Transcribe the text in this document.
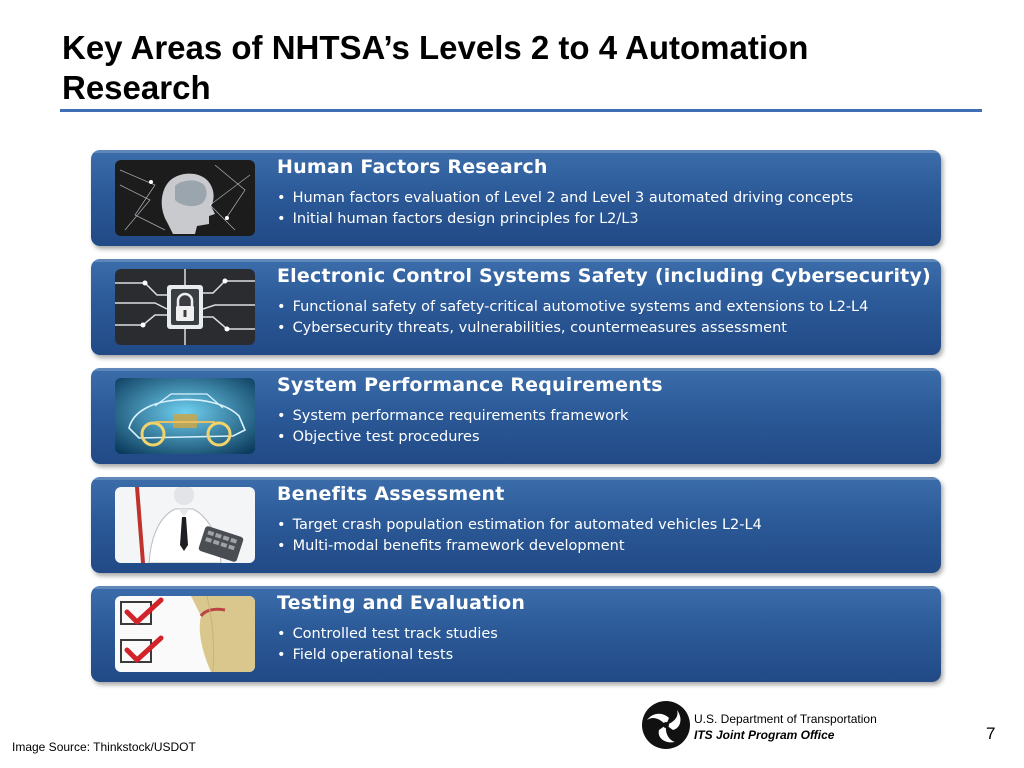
Key Areas of NHTSA’s Levels 2 to 4 Automation Research
Human Factors Research
• Human factors evaluation of Level 2 and Level 3 automated driving concepts
• Initial human factors design principles for L2/L3
Electronic Control Systems Safety (including Cybersecurity)
• Functional safety of safety-critical automotive systems and extensions to L2-L4
• Cybersecurity threats, vulnerabilities, countermeasures assessment
System Performance Requirements
• System performance requirements framework
• Objective test procedures
Benefits Assessment
• Target crash population estimation for automated vehicles L2-L4
• Multi-modal benefits framework development
Testing and Evaluation
• Controlled test track studies
• Field operational tests
U.S. Department of Transportation
ITS Joint Program Office	7
Image Source: Thinkstock/USDOT
